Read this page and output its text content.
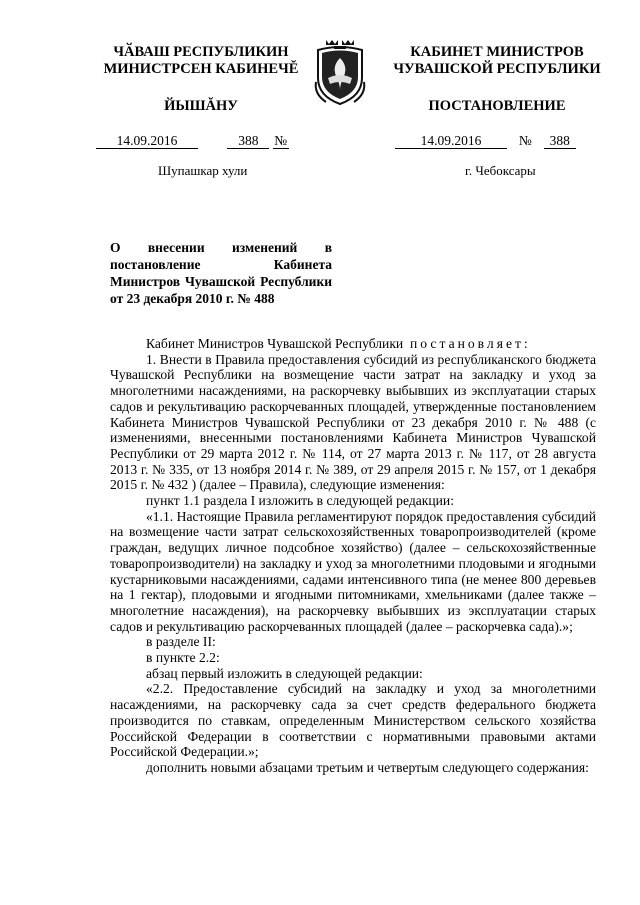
ЧӐВАШ РЕСПУБЛИКИН
МИНИСТРСЕН КАБИНЕЧĔ
ЙЫШĂНУ
КАБИНЕТ МИНИСТРОВ
ЧУВАШСКОЙ РЕСПУБЛИКИ
ПОСТАНОВЛЕНИЕ
14.09.2016	388 №	14.09.2016	№ 388
Шупашкар хули	г. Чебоксары
О внесении изменений в постановление Кабинета Министров Чувашской Республики от 23 декабря 2010 г. № 488

Кабинет Министров Чувашской Республики постановляет:

1. Внести в Правила предоставления субсидий из республиканского бюджета Чувашской Республики на возмещение части затрат на закладку и уход за многолетними насаждениями, на раскорчевку выбывших из эксплуатации старых садов и рекультивацию раскорчеванных площадей, утвержденные постановлением Кабинета Министров Чувашской Республики от 23 декабря 2010 г. № 488 (с изменениями, внесенными постановлениями Кабинета Министров Чувашской Республики от 29 марта 2012 г. № 114, от 27 марта 2013 г. № 117, от 28 августа 2013 г. № 335, от 13 ноября 2014 г. № 389, от 29 апреля 2015 г. № 157, от 1 декабря 2015 г. № 432 ) (далее – Правила), следующие изменения:

пункт 1.1 раздела I изложить в следующей редакции:

«1.1. Настоящие Правила регламентируют порядок предоставления субсидий на возмещение части затрат сельскохозяйственных товаропроизводителей (кроме граждан, ведущих личное подсобное хозяйство) (далее – сельскохозяйственные товаропроизводители) на закладку и уход за многолетними плодовыми и ягодными кустарниковыми насаждениями, садами интенсивного типа (не менее 800 деревьев на 1 гектар), плодовыми и ягодными питомниками, хмельниками (далее также – многолетние насаждения), на раскорчевку выбывших из эксплуатации старых садов и рекультивацию раскорчеванных площадей (далее – раскорчевка сада).»;

в разделе II:

в пункте 2.2:

абзац первый изложить в следующей редакции:

«2.2. Предоставление субсидий на закладку и уход за многолетними насаждениями, на раскорчевку сада за счет средств федерального бюджета производится по ставкам, определенным Министерством сельского хозяйства Российской Федерации в соответствии с нормативными правовыми актами Российской Федерации.»;

дополнить новыми абзацами третьим и четвертым следующего содержания:
